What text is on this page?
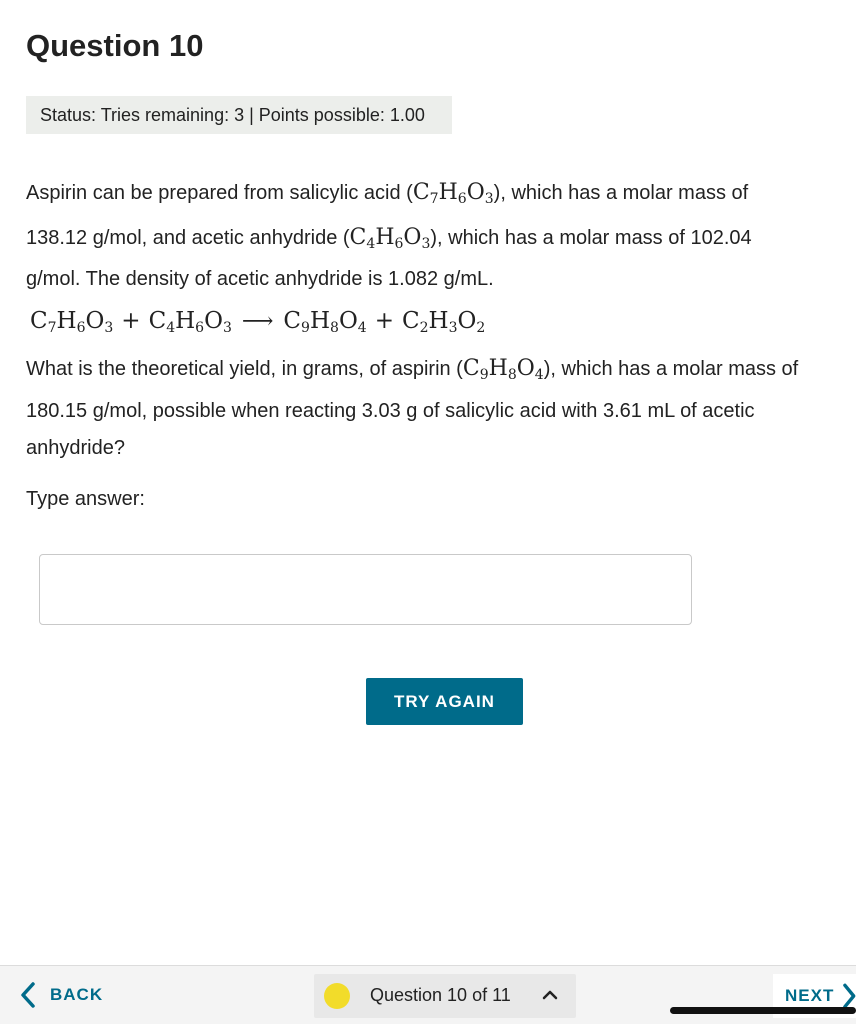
Question 10
Status: Tries remaining: 3 | Points possible: 1.00
Aspirin can be prepared from salicylic acid $(C_7H_6O_3)$, which has a molar mass of
138.12 g/mol, and acetic anhydride $(C_4H_6O_3)$, which has a molar mass of 102.04
g/mol. The density of acetic anhydride is 1.082 g/mL.
$C_7H_6O_3 + C_4H_6O_3$ ⟶ $C_9H_8O_4 + C_2H_3O_2$
What is the theoretical yield, in grams, of aspirin $(C_9H_8O_4)$, which has a molar mass of
180.15 g/mol, possible when reacting 3.03 g of salicylic acid with 3.61 mL of acetic
anhydride?
Type answer:
TRY AGAIN
BACK	Question 10 of 11	NEXT
